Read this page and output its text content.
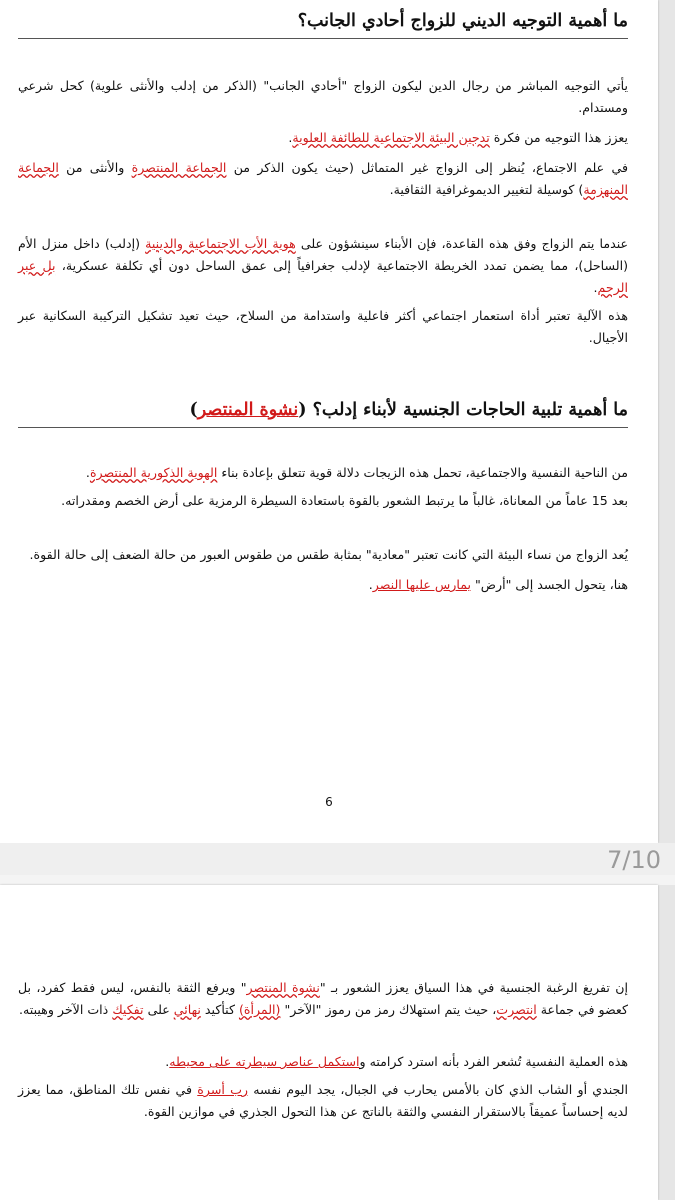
ما أهمية التوجيه الديني للزواج أحادي الجانب؟

يأتي التوجيه المباشر من رجال الدين ليكون الزواج "أحادي الجانب" (الذكر من إدلب والأنثى علوية) كحل شرعي ومستدام.

يعزز هذا التوجيه من فكرة تدجين البيئة الاجتماعية للطائفة العلوية.

في علم الاجتماع، يُنظر إلى الزواج غير المتماثل (حيث يكون الذكر من الجماعة المنتصرة والأنثى من الجماعة المنهزمة) كوسيلة لتغيير الديموغرافية الثقافية.

عندما يتم الزواج وفق هذه القاعدة، فإن الأبناء سينشؤون على هوية الأب الاجتماعية والدينية (إدلب) داخل منزل الأم (الساحل)، مما يضمن تمدد الخريطة الاجتماعية لإدلب جغرافياً إلى عمق الساحل دون أي تكلفة عسكرية، بل عبر الرحم.

هذه الآلية تعتبر أداة استعمار اجتماعي أكثر فاعلية واستدامة من السلاح، حيث تعيد تشكيل التركيبة السكانية عبر الأجيال.

ما أهمية تلبية الحاجات الجنسية لأبناء إدلب؟ (نشوة المنتصر)

من الناحية النفسية والاجتماعية، تحمل هذه الزيجات دلالة قوية تتعلق بإعادة بناء الهوية الذكورية المنتصرة.

بعد 15 عاماً من المعاناة، غالباً ما يرتبط الشعور بالقوة باستعادة السيطرة الرمزية على أرض الخصم ومقدراته.

يُعد الزواج من نساء البيئة التي كانت تعتبر "معادية" بمثابة طقس من طقوس العبور من حالة الضعف إلى حالة القوة.

هنا، يتحول الجسد إلى "أرض" يمارس عليها النصر.

6
7/10

إن تفريغ الرغبة الجنسية في هذا السياق يعزز الشعور بـ "نشوة المنتصر" ويرفع الثقة بالنفس، ليس فقط كفرد، بل كعضو في جماعة انتصرت، حيث يتم استهلاك رمز من رموز "الآخر" (المرأة) كتأكيد نهائي على تفكيك ذات الآخر وهيبته.

هذه العملية النفسية تُشعر الفرد بأنه استرد كرامته واستكمل عناصر سيطرته على محيطه.

الجندي أو الشاب الذي كان بالأمس يحارب في الجبال، يجد اليوم نفسه رب أسرة في نفس تلك المناطق، مما يعزز لديه إحساساً عميقاً بالاستقرار النفسي والثقة بالناتج عن هذا التحول الجذري في موازين القوة.
